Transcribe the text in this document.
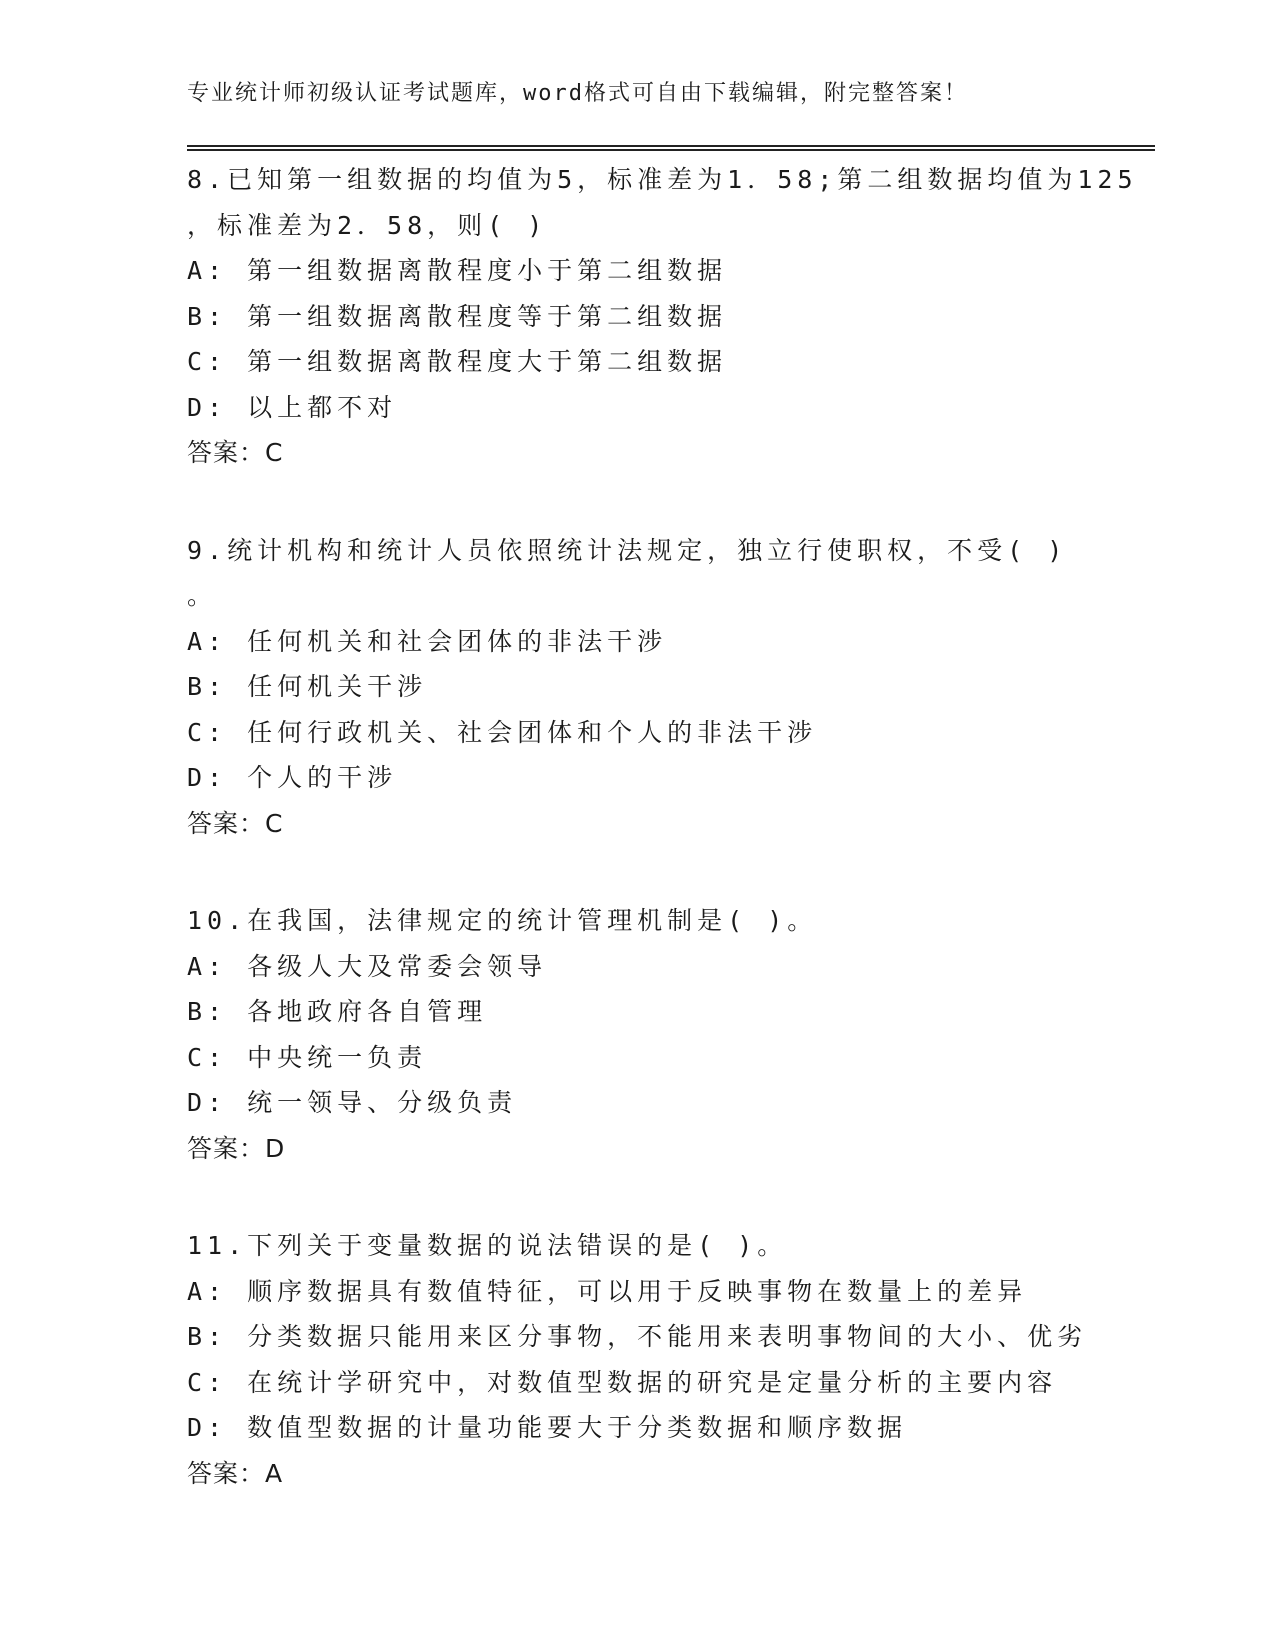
专业统计师初级认证考试题库，word格式可自由下载编辑，附完整答案！
8.已知第一组数据的均值为5，标准差为1．58;第二组数据均值为125
，标准差为2．58，则( )
A: 第一组数据离散程度小于第二组数据
B: 第一组数据离散程度等于第二组数据
C: 第一组数据离散程度大于第二组数据
D: 以上都不对
答案：C
9.统计机构和统计人员依照统计法规定，独立行使职权，不受( )
。
A: 任何机关和社会团体的非法干涉
B: 任何机关干涉
C: 任何行政机关、社会团体和个人的非法干涉
D: 个人的干涉
答案：C
10.在我国，法律规定的统计管理机制是( )。
A: 各级人大及常委会领导
B: 各地政府各自管理
C: 中央统一负责
D: 统一领导、分级负责
答案：D
11.下列关于变量数据的说法错误的是( )。
A: 顺序数据具有数值特征，可以用于反映事物在数量上的差异
B: 分类数据只能用来区分事物，不能用来表明事物间的大小、优劣
C: 在统计学研究中，对数值型数据的研究是定量分析的主要内容
D: 数值型数据的计量功能要大于分类数据和顺序数据
答案：A
